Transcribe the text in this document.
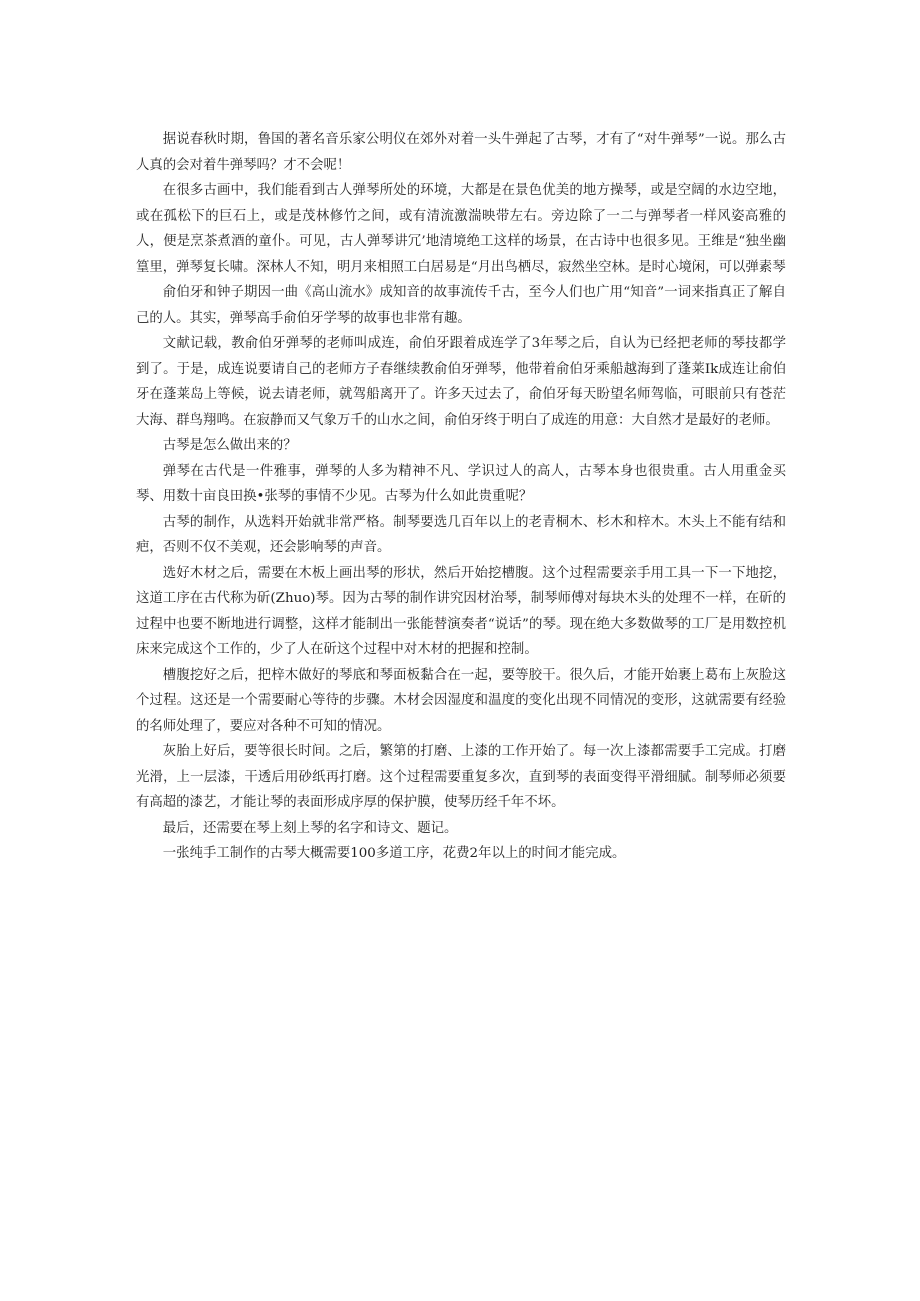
据说春秋时期，鲁国的著名音乐家公明仪在郊外对着一头牛弹起了古琴，才有了“对牛弹琴”一说。那么古人真的会对着牛弹琴吗？才不会呢！

在很多古画中，我们能看到古人弹琴所处的环境，大都是在景色优美的地方操琴，或是空阔的水边空地，或在孤松下的巨石上，或是茂林修竹之间，或有清流激湍映带左右。旁边除了一二与弹琴者一样风姿高雅的人，便是烹茶煮酒的童仆。可见，古人弹琴讲冗’地清境绝工这样的场景，在古诗中也很多见。王维是“独坐幽篁里，弹琴复长啸。深林人不知，明月来相照工白居易是“月出鸟栖尽，寂然坐空林。是时心境闲，可以弹素琴

俞伯牙和钟子期因一曲《高山流水》成知音的故事流传千古，至今人们也广用“知音”一词来指真正了解自己的人。其实，弹琴高手俞伯牙学琴的故事也非常有趣。

文献记载，教俞伯牙弹琴的老师叫成连，俞伯牙跟着成连学了3年琴之后，自认为已经把老师的琴技都学到了。于是，成连说要请自己的老师方子春继续教俞伯牙弹琴，他带着俞伯牙乘船越海到了蓬莱Ik成连让俞伯牙在蓬莱岛上等候，说去请老师，就驾船离开了。许多天过去了，俞伯牙每天盼望名师驾临，可眼前只有苍茫大海、群鸟翔鸣。在寂静而又气象万千的山水之间，俞伯牙终于明白了成连的用意：大自然才是最好的老师。

古琴是怎么做出来的？

弹琴在古代是一件雅事，弹琴的人多为精神不凡、学识过人的高人，古琴本身也很贵重。古人用重金买琴、用数十亩良田换•张琴的事情不少见。古琴为什么如此贵重呢？

古琴的制作，从选料开始就非常严格。制琴要选几百年以上的老青桐木、杉木和梓木。木头上不能有结和疤，否则不仅不美观，还会影响琴的声音。

选好木材之后，需要在木板上画出琴的形状，然后开始挖槽腹。这个过程需要亲手用工具一下一下地挖，这道工序在古代称为斫(Zhuo)琴。因为古琴的制作讲究因材治琴，制琴师傅对每块木头的处理不一样，在斫的过程中也要不断地进行调整，这样才能制出一张能替演奏者“说话”的琴。现在绝大多数做琴的工厂是用数控机床来完成这个工作的，少了人在斫这个过程中对木材的把握和控制。

槽腹挖好之后，把梓木做好的琴底和琴面板黏合在一起，要等胶干。很久后，才能开始裹上葛布上灰脸这个过程。这还是一个需要耐心等待的步骤。木材会因湿度和温度的变化出现不同情况的变形，这就需要有经验的名师处理了，要应对各种不可知的情况。

灰胎上好后，要等很长时间。之后，繁第的打磨、上漆的工作开始了。每一次上漆都需要手工完成。打磨光滑，上一层漆，干透后用砂纸再打磨。这个过程需要重复多次，直到琴的表面变得平滑细腻。制琴师必须要有高超的漆艺，才能让琴的表面形成序厚的保护膜，使琴历经千年不坏。

最后，还需要在琴上刻上琴的名字和诗文、题记。

一张纯手工制作的古琴大概需要100多道工序，花费2年以上的时间才能完成。
